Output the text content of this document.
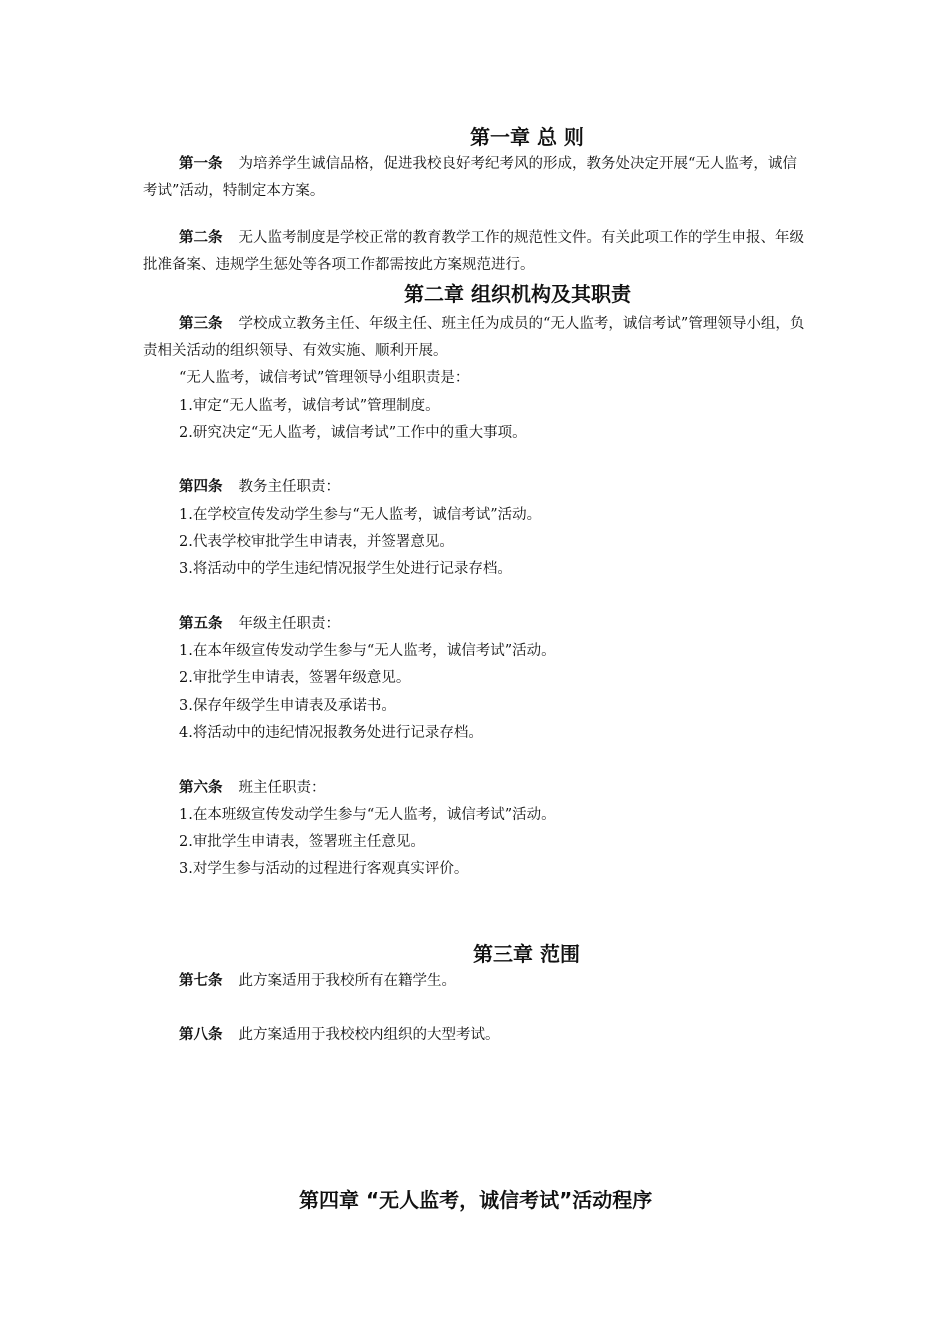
第一章 总 则

第一条 为培养学生诚信品格，促进我校良好考纪考风的形成，教务处决定开展“无人监考，诚信考试”活动，特制定本方案。

第二条 无人监考制度是学校正常的教育教学工作的规范性文件。有关此项工作的学生申报、年级批准备案、违规学生惩处等各项工作都需按此方案规范进行。

第二章 组织机构及其职责

第三条 学校成立教务主任、年级主任、班主任为成员的“无人监考，诚信考试”管理领导小组，负责相关活动的组织领导、有效实施、顺利开展。

“无人监考，诚信考试”管理领导小组职责是：

1.审定“无人监考，诚信考试”管理制度。

2.研究决定“无人监考，诚信考试”工作中的重大事项。

第四条 教务主任职责：

1.在学校宣传发动学生参与“无人监考，诚信考试”活动。

2.代表学校审批学生申请表，并签署意见。

3.将活动中的学生违纪情况报学生处进行记录存档。

第五条 年级主任职责：

1.在本年级宣传发动学生参与“无人监考，诚信考试”活动。

2.审批学生申请表，签署年级意见。

3.保存年级学生申请表及承诺书。

4.将活动中的违纪情况报教务处进行记录存档。

第六条 班主任职责：

1.在本班级宣传发动学生参与“无人监考，诚信考试”活动。

2.审批学生申请表，签署班主任意见。

3.对学生参与活动的过程进行客观真实评价。

第三章 范围

第七条 此方案适用于我校所有在籍学生。

第八条 此方案适用于我校校内组织的大型考试。

第四章 “无人监考，诚信考试”活动程序
